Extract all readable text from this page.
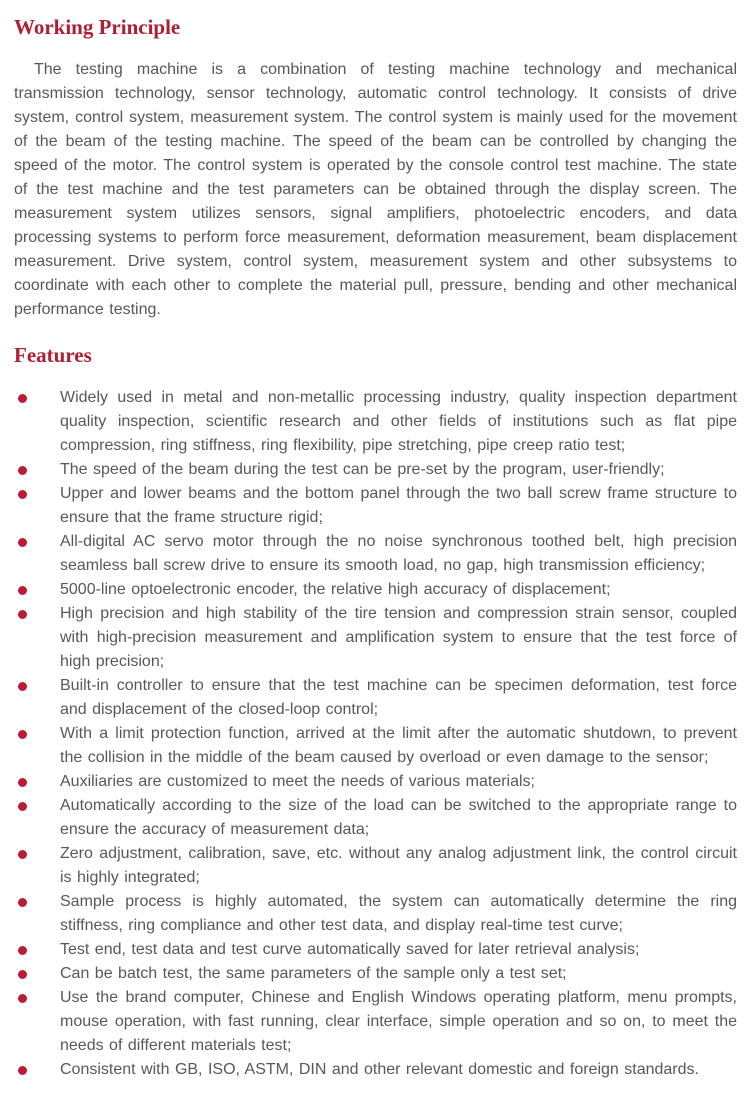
Working Principle

The testing machine is a combination of testing machine technology and mechanical transmission technology, sensor technology, automatic control technology. It consists of drive system, control system, measurement system. The control system is mainly used for the movement of the beam of the testing machine. The speed of the beam can be controlled by changing the speed of the motor. The control system is operated by the console control test machine. The state of the test machine and the test parameters can be obtained through the display screen. The measurement system utilizes sensors, signal amplifiers, photoelectric encoders, and data processing systems to perform force measurement, deformation measurement, beam displacement measurement. Drive system, control system, measurement system and other subsystems to coordinate with each other to complete the material pull, pressure, bending and other mechanical performance testing.

Features
Widely used in metal and non-metallic processing industry, quality inspection department quality inspection, scientific research and other fields of institutions such as flat pipe compression, ring stiffness, ring flexibility, pipe stretching, pipe creep ratio test;
The speed of the beam during the test can be pre-set by the program, user-friendly;
Upper and lower beams and the bottom panel through the two ball screw frame structure to ensure that the frame structure rigid;
All-digital AC servo motor through the no noise synchronous toothed belt, high precision seamless ball screw drive to ensure its smooth load, no gap, high transmission efficiency;
5000-line optoelectronic encoder, the relative high accuracy of displacement;
High precision and high stability of the tire tension and compression strain sensor, coupled with high-precision measurement and amplification system to ensure that the test force of high precision;
Built-in controller to ensure that the test machine can be specimen deformation, test force and displacement of the closed-loop control;
With a limit protection function, arrived at the limit after the automatic shutdown, to prevent the collision in the middle of the beam caused by overload or even damage to the sensor;
Auxiliaries are customized to meet the needs of various materials;
Automatically according to the size of the load can be switched to the appropriate range to ensure the accuracy of measurement data;
Zero adjustment, calibration, save, etc. without any analog adjustment link, the control circuit is highly integrated;
Sample process is highly automated, the system can automatically determine the ring stiffness, ring compliance and other test data, and display real-time test curve;
Test end, test data and test curve automatically saved for later retrieval analysis;
Can be batch test, the same parameters of the sample only a test set;
Use the brand computer, Chinese and English Windows operating platform, menu prompts, mouse operation, with fast running, clear interface, simple operation and so on, to meet the needs of different materials test;
Consistent with GB, ISO, ASTM, DIN and other relevant domestic and foreign standards.
